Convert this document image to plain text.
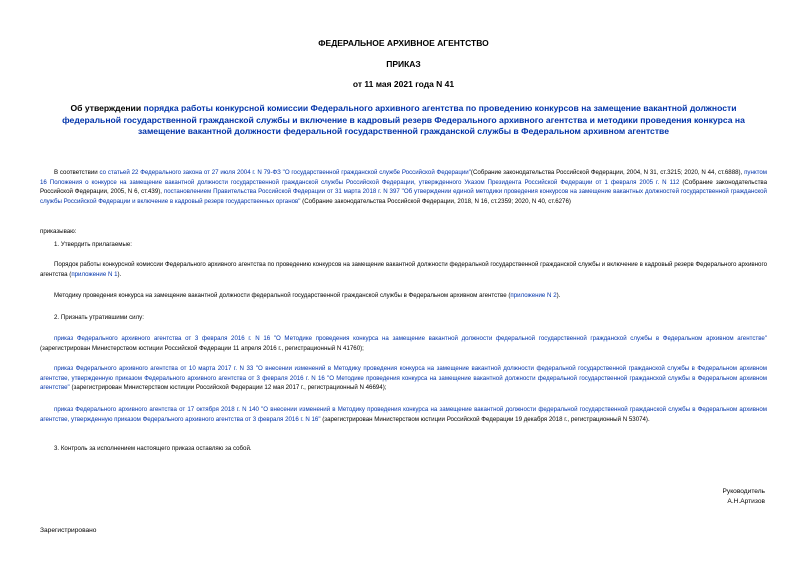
ФЕДЕРАЛЬНОЕ АРХИВНОЕ АГЕНТСТВО
ПРИКАЗ
от 11 мая 2021 года N 41
Об утверждении порядка работы конкурсной комиссии Федерального архивного агентства по проведению конкурсов на замещение вакантной должности федеральной государственной гражданской службы и включение в кадровый резерв Федерального архивного агентства и методики проведения конкурса на замещение вакантной должности федеральной государственной гражданской службы в Федеральном архивном агентстве
В соответствии со статьей 22 Федерального закона от 27 июля 2004 г. N 79-ФЗ "О государственной гражданской службе Российской Федерации"(Собрание законодательства Российской Федерации, 2004, N 31, ст.3215; 2020, N 44, ст.6888), пунктом 16 Положения о конкурсе на замещение вакантной должности государственной гражданской службы Российской Федерации, утвержденного Указом Президента Российской Федерации от 1 февраля 2005 г. N 112 (Собрание законодательства Российской Федерации, 2005, N 6, ст.439), постановлением Правительства Российской Федерации от 31 марта 2018 г. N 397 "Об утверждении единой методики проведения конкурсов на замещение вакантных должностей государственной гражданской службы Российской Федерации и включение в кадровый резерв государственных органов" (Собрание законодательства Российской Федерации, 2018, N 16, ст.2359; 2020, N 40, ст.6276)
приказываю:
1. Утвердить прилагаемые:
Порядок работы конкурсной комиссии Федерального архивного агентства по проведению конкурсов на замещение вакантной должности федеральной государственной гражданской службы и включение в кадровый резерв Федерального архивного агентства (приложение N 1).
Методику проведения конкурса на замещение вакантной должности федеральной государственной гражданской службы в Федеральном архивном агентстве (приложение N 2).
2. Признать утратившими силу:
приказ Федерального архивного агентства от 3 февраля 2016 г. N 16 "О Методике проведения конкурса на замещение вакантной должности федеральной государственной гражданской службы в Федеральном архивном агентстве" (зарегистрирован Министерством юстиции Российской Федерации 11 апреля 2016 г., регистрационный N 41760);
приказ Федерального архивного агентства от 10 марта 2017 г. N 33 "О внесении изменений в Методику проведения конкурса на замещение вакантной должности федеральной государственной гражданской службы в Федеральном архивном агентстве, утвержденную приказом Федерального архивного агентства от 3 февраля 2016 г. N 16 "О Методике проведения конкурса на замещение вакантной должности федеральной государственной гражданской службы в Федеральном архивном агентстве" (зарегистрирован Министерством юстиции Российской Федерации 12 мая 2017 г., регистрационный N 46694);
приказ Федерального архивного агентства от 17 октября 2018 г. N 140 "О внесении изменений в Методику проведения конкурса на замещение вакантной должности федеральной государственной гражданской службы в Федеральном архивном агентстве, утвержденную приказом Федерального архивного агентства от 3 февраля 2016 г. N 16" (зарегистрирован Министерством юстиции Российской Федерации 19 декабря 2018 г., регистрационный N 53074).
3. Контроль за исполнением настоящего приказа оставляю за собой.
Руководитель
А.Н.Артизов
Зарегистрировано
